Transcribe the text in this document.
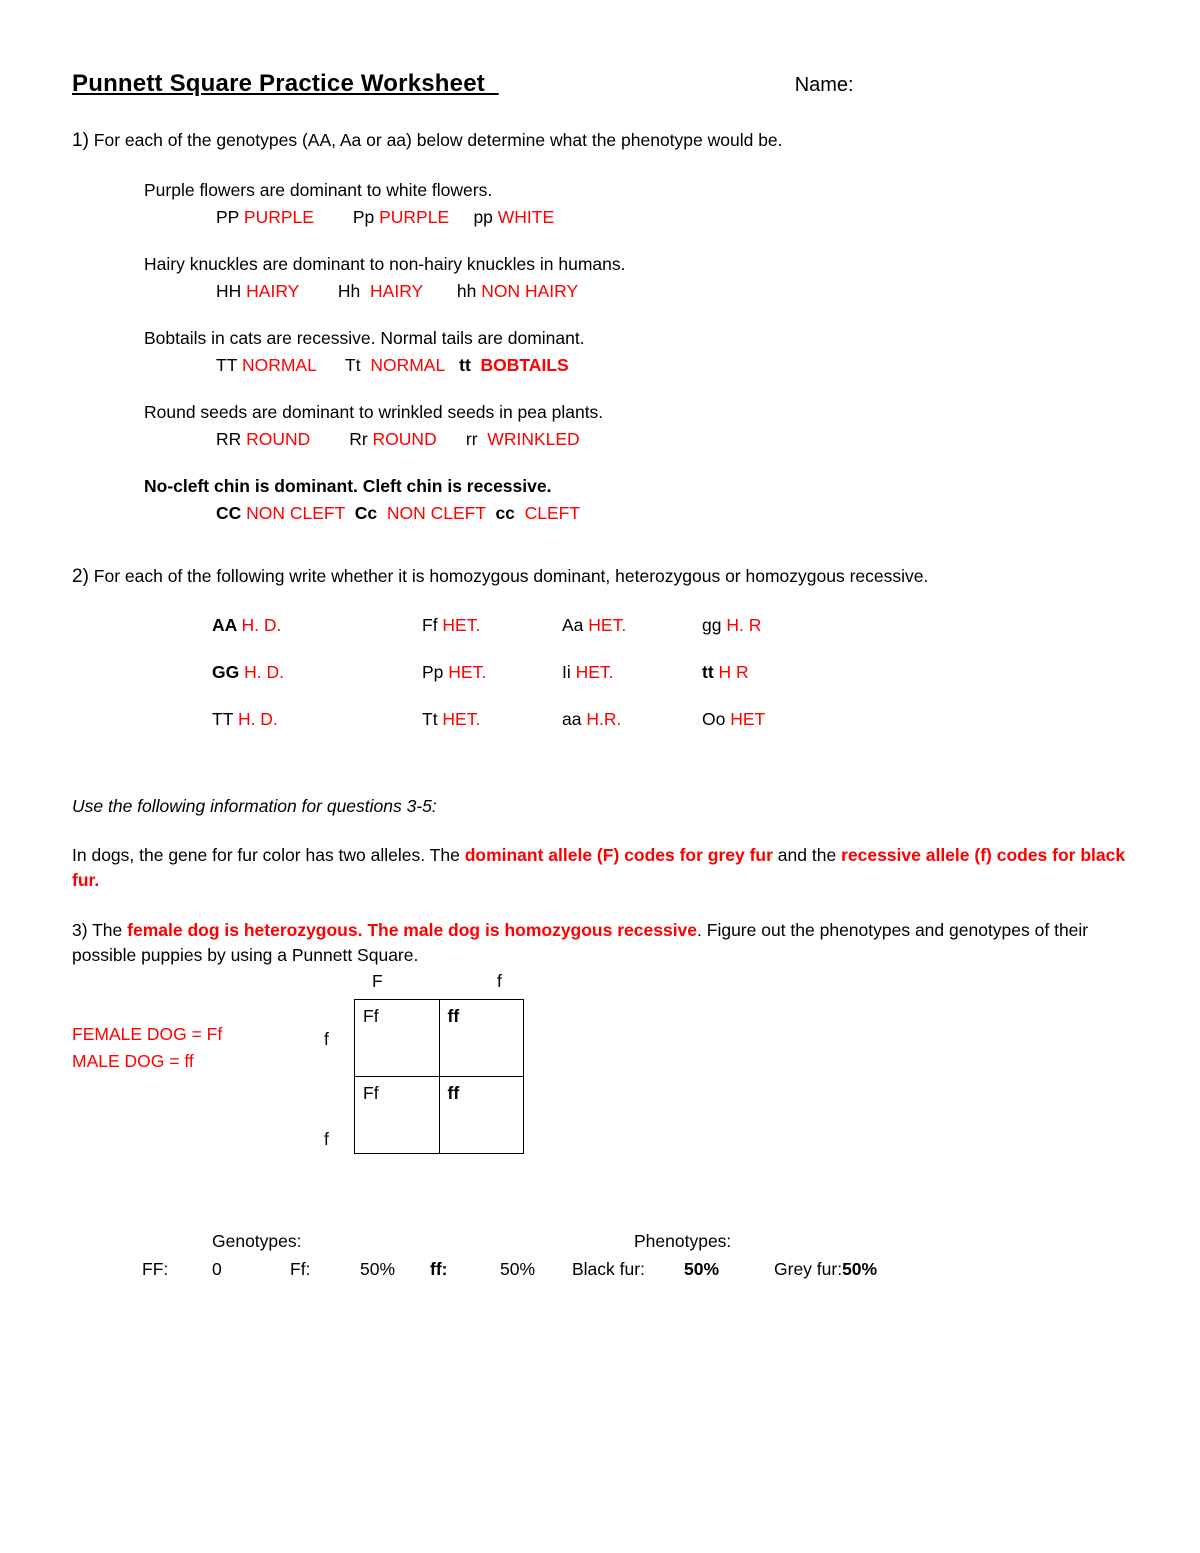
Punnett Square Practice Worksheet	Name:
1) For each of the genotypes (AA, Aa or aa) below determine what the phenotype would be.
Purple flowers are dominant to white flowers.
PP PURPLE Pp PURPLE pp WHITE
Hairy knuckles are dominant to non-hairy knuckles in humans.
HH HAIRY Hh  HAIRY hh NON HAIRY
Bobtails in cats are recessive. Normal tails are dominant.
TT NORMAL Tt  NORMAL tt  BOBTAILS
Round seeds are dominant to wrinkled seeds in pea plants.
RR ROUND Rr ROUND rr  WRINKLED
No-cleft chin is dominant. Cleft chin is recessive.
CC NON CLEFT Cc  NON CLEFT cc  CLEFT
2) For each of the following write whether it is homozygous dominant, heterozygous or homozygous recessive.
AA H. D.	Ff HET.	Aa HET.	gg H. R
GG H. D.	Pp HET.	Ii HET.	tt H R
TT H. D.	Tt HET.	aa H.R.	Oo HET
Use the following information for questions 3-5:
In dogs, the gene for fur color has two alleles. The dominant allele (F) codes for grey fur and the recessive allele (f) codes for black fur.
3) The female dog is heterozygous. The male dog is homozygous recessive. Figure out the phenotypes and genotypes of their possible puppies by using a Punnett Square.
F	f
f
f
FEMALE DOG = Ff
MALE DOG = ff
Ff	ff
Ff	ff
Genotypes:	Phenotypes:
FF:	0	Ff:	50% ff:	50% Black fur: 50%	Grey fur:50%
